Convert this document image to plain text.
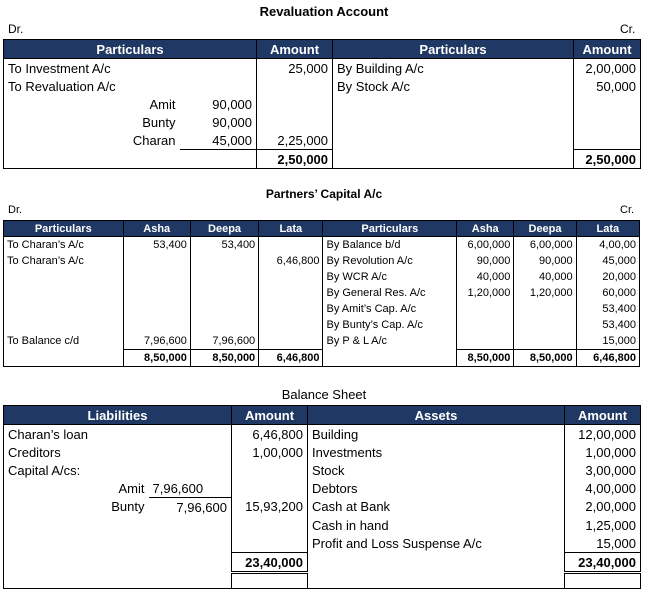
Revaluation Account
Dr.	Cr.
Particulars		Amount	Particulars	Amount
To Investment A/c		25,000	By Building A/c	2,00,000
To Revaluation A/c			By Stock A/c	50,000
Amit	90,000			
Bunty	90,000			
Charan	45,000	2,25,000		
		2,50,000		2,50,000
Partners’ Capital A/c
Dr.	Cr.
Particulars	Asha	Deepa	Lata	Particulars	Asha	Deepa	Lata
To Charan’s A/c	53,400	53,400		By Balance b/d	6,00,000	6,00,000	4,00,00
To Charan’s A/c			6,46,800	By Revolution A/c	90,000	90,000	45,000
				By WCR A/c	40,000	40,000	20,000
				By General Res. A/c	1,20,000	1,20,000	60,000
				By Amit’s Cap. A/c			53,400
				By Bunty’s Cap. A/c			53,400
To Balance c/d	7,96,600	7,96,600		By P & L A/c			15,000
	8,50,000	8,50,000	6,46,800		8,50,000	8,50,000	6,46,800
Balance Sheet
Liabilities		Amount	Assets	Amount
Charan’s loan		6,46,800	Building	12,00,000
Creditors		1,00,000	Investments	1,00,000
Capital A/cs:			Stock	3,00,000
Amit	7,96,600		Debtors	4,00,000
Bunty	7,96,600	15,93,200	Cash at Bank	2,00,000
			Cash in hand	1,25,000
			Profit and Loss Suspense A/c	15,000
		23,40,000		23,40,000
